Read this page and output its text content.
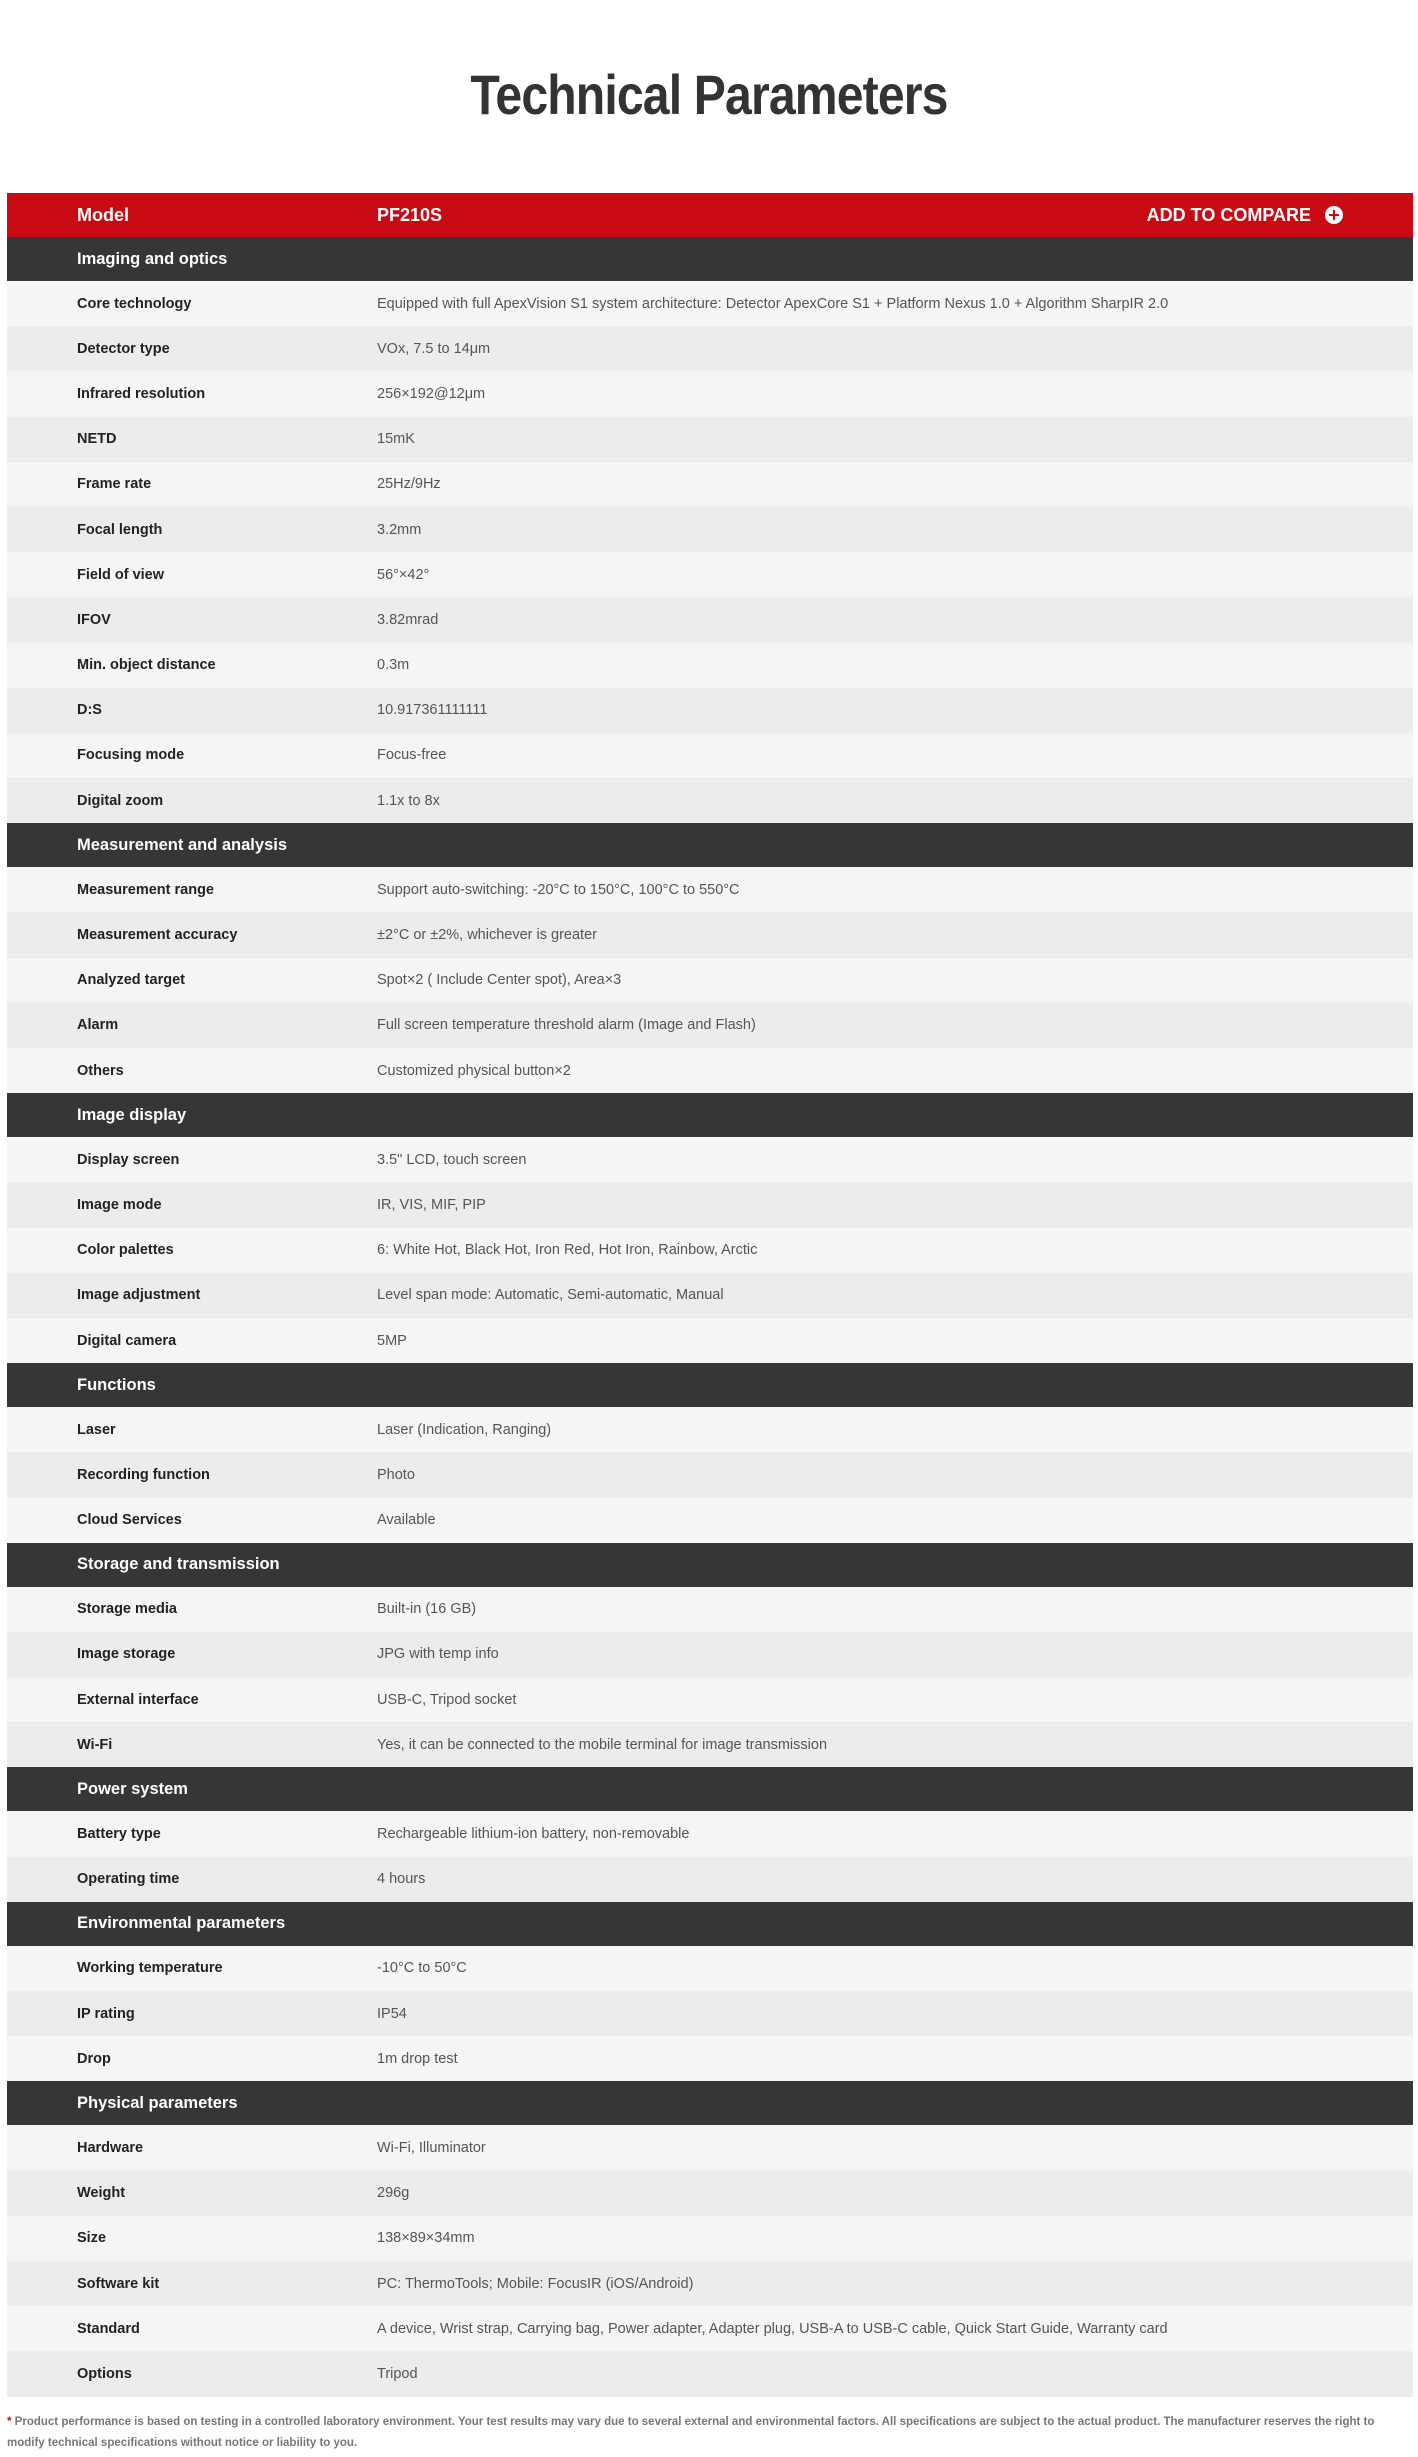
Technical Parameters
Model	PF210S	ADD TO COMPARE
Imaging and optics
Core technology	Equipped with full ApexVision S1 system architecture: Detector ApexCore S1 + Platform Nexus 1.0 + Algorithm SharpIR 2.0
Detector type	VOx, 7.5 to 14μm
Infrared resolution	256×192@12μm
NETD	15mK
Frame rate	25Hz/9Hz
Focal length	3.2mm
Field of view	56°×42°
IFOV	3.82mrad
Min. object distance	0.3m
D:S	10.917361111111
Focusing mode	Focus-free
Digital zoom	1.1x to 8x
Measurement and analysis
Measurement range	Support auto-switching: -20°C to 150°C, 100°C to 550°C
Measurement accuracy	±2°C or ±2%, whichever is greater
Analyzed target	Spot×2 ( Include Center spot), Area×3
Alarm	Full screen temperature threshold alarm (Image and Flash)
Others	Customized physical button×2
Image display
Display screen	3.5" LCD, touch screen
Image mode	IR, VIS, MIF, PIP
Color palettes	6: White Hot, Black Hot, Iron Red, Hot Iron, Rainbow, Arctic
Image adjustment	Level span mode: Automatic, Semi-automatic, Manual
Digital camera	5MP
Functions
Laser	Laser (Indication, Ranging)
Recording function	Photo
Cloud Services	Available
Storage and transmission
Storage media	Built-in (16 GB)
Image storage	JPG with temp info
External interface	USB-C, Tripod socket
Wi-Fi	Yes, it can be connected to the mobile terminal for image transmission
Power system
Battery type	Rechargeable lithium-ion battery, non-removable
Operating time	4 hours
Environmental parameters
Working temperature	-10°C to 50°C
IP rating	IP54
Drop	1m drop test
Physical parameters
Hardware	Wi-Fi, Illuminator
Weight	296g
Size	138×89×34mm
Software kit	PC: ThermoTools; Mobile: FocusIR (iOS/Android)
Standard	A device, Wrist strap, Carrying bag, Power adapter, Adapter plug, USB-A to USB-C cable, Quick Start Guide, Warranty card
Options	Tripod
* Product performance is based on testing in a controlled laboratory environment. Your test results may vary due to several external and environmental factors. All specifications are subject to the actual product. The manufacturer reserves the right to modify technical specifications without notice or liability to you.
